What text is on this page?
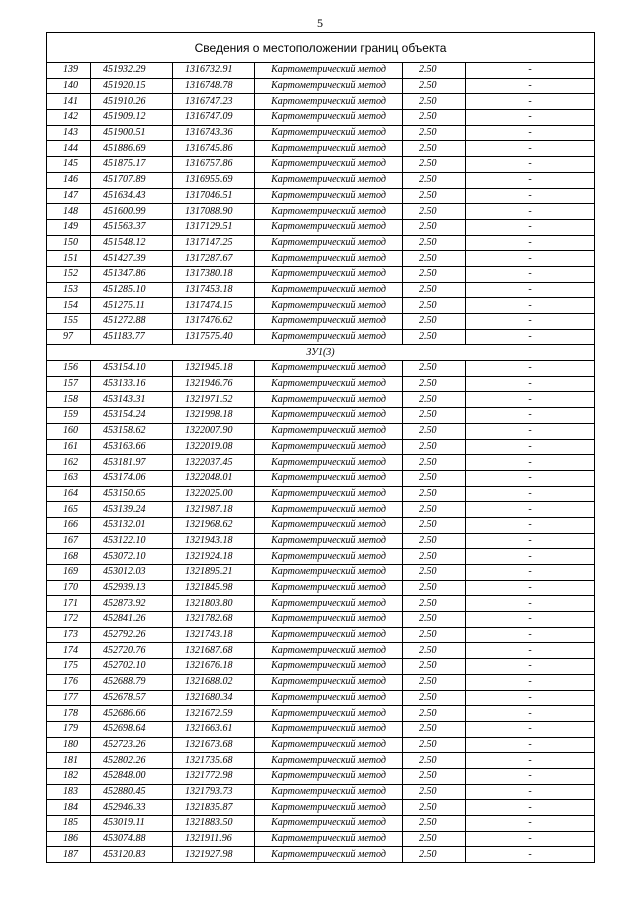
5
Сведения о местоположении границ объекта					
139	451932.29	1316732.91	Картометрический метод	2.50	-
140	451920.15	1316748.78	Картометрический метод	2.50	-
141	451910.26	1316747.23	Картометрический метод	2.50	-
142	451909.12	1316747.09	Картометрический метод	2.50	-
143	451900.51	1316743.36	Картометрический метод	2.50	-
144	451886.69	1316745.86	Картометрический метод	2.50	-
145	451875.17	1316757.86	Картометрический метод	2.50	-
146	451707.89	1316955.69	Картометрический метод	2.50	-
147	451634.43	1317046.51	Картометрический метод	2.50	-
148	451600.99	1317088.90	Картометрический метод	2.50	-
149	451563.37	1317129.51	Картометрический метод	2.50	-
150	451548.12	1317147.25	Картометрический метод	2.50	-
151	451427.39	1317287.67	Картометрический метод	2.50	-
152	451347.86	1317380.18	Картометрический метод	2.50	-
153	451285.10	1317453.18	Картометрический метод	2.50	-
154	451275.11	1317474.15	Картометрический метод	2.50	-
155	451272.88	1317476.62	Картометрический метод	2.50	-
97	451183.77	1317575.40	Картометрический метод	2.50	-
ЗУ1(3)					
156	453154.10	1321945.18	Картометрический метод	2.50	-
157	453133.16	1321946.76	Картометрический метод	2.50	-
158	453143.31	1321971.52	Картометрический метод	2.50	-
159	453154.24	1321998.18	Картометрический метод	2.50	-
160	453158.62	1322007.90	Картометрический метод	2.50	-
161	453163.66	1322019.08	Картометрический метод	2.50	-
162	453181.97	1322037.45	Картометрический метод	2.50	-
163	453174.06	1322048.01	Картометрический метод	2.50	-
164	453150.65	1322025.00	Картометрический метод	2.50	-
165	453139.24	1321987.18	Картометрический метод	2.50	-
166	453132.01	1321968.62	Картометрический метод	2.50	-
167	453122.10	1321943.18	Картометрический метод	2.50	-
168	453072.10	1321924.18	Картометрический метод	2.50	-
169	453012.03	1321895.21	Картометрический метод	2.50	-
170	452939.13	1321845.98	Картометрический метод	2.50	-
171	452873.92	1321803.80	Картометрический метод	2.50	-
172	452841.26	1321782.68	Картометрический метод	2.50	-
173	452792.26	1321743.18	Картометрический метод	2.50	-
174	452720.76	1321687.68	Картометрический метод	2.50	-
175	452702.10	1321676.18	Картометрический метод	2.50	-
176	452688.79	1321688.02	Картометрический метод	2.50	-
177	452678.57	1321680.34	Картометрический метод	2.50	-
178	452686.66	1321672.59	Картометрический метод	2.50	-
179	452698.64	1321663.61	Картометрический метод	2.50	-
180	452723.26	1321673.68	Картометрический метод	2.50	-
181	452802.26	1321735.68	Картометрический метод	2.50	-
182	452848.00	1321772.98	Картометрический метод	2.50	-
183	452880.45	1321793.73	Картометрический метод	2.50	-
184	452946.33	1321835.87	Картометрический метод	2.50	-
185	453019.11	1321883.50	Картометрический метод	2.50	-
186	453074.88	1321911.96	Картометрический метод	2.50	-
187	453120.83	1321927.98	Картометрический метод	2.50	-
